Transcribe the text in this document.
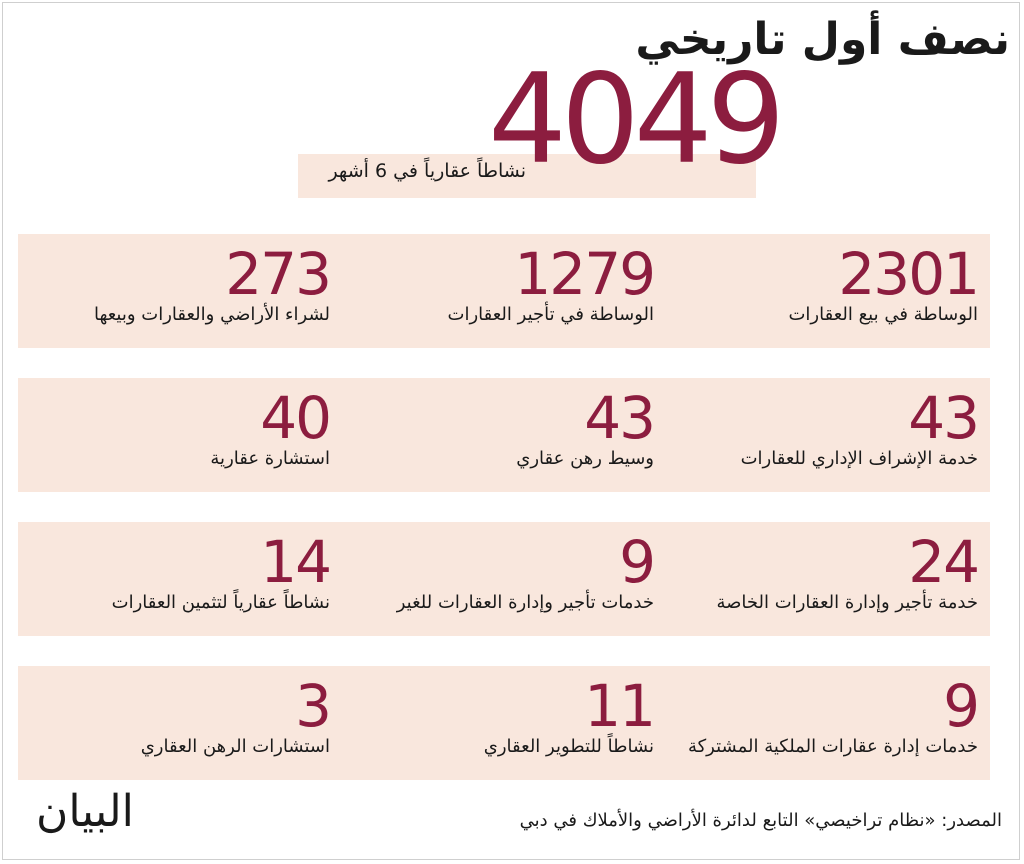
نصف أول تاريخي
4049
نشاطاً عقارياً في 6 أشهر
2301
الوساطة في بيع العقارات
1279
الوساطة في تأجير العقارات
273
لشراء الأراضي والعقارات وبيعها
43
خدمة الإشراف الإداري للعقارات
43
وسيط رهن عقاري
40
استشارة عقارية
24
خدمة تأجير وإدارة العقارات الخاصة
9
خدمات تأجير وإدارة العقارات للغير
14
نشاطاً عقارياً لتثمين العقارات
9
خدمات إدارة عقارات الملكية المشتركة
11
نشاطاً للتطوير العقاري
3
استشارات الرهن العقاري
المصدر: «نظام تراخيصي» التابع لدائرة الأراضي والأملاك في دبي
البيان
